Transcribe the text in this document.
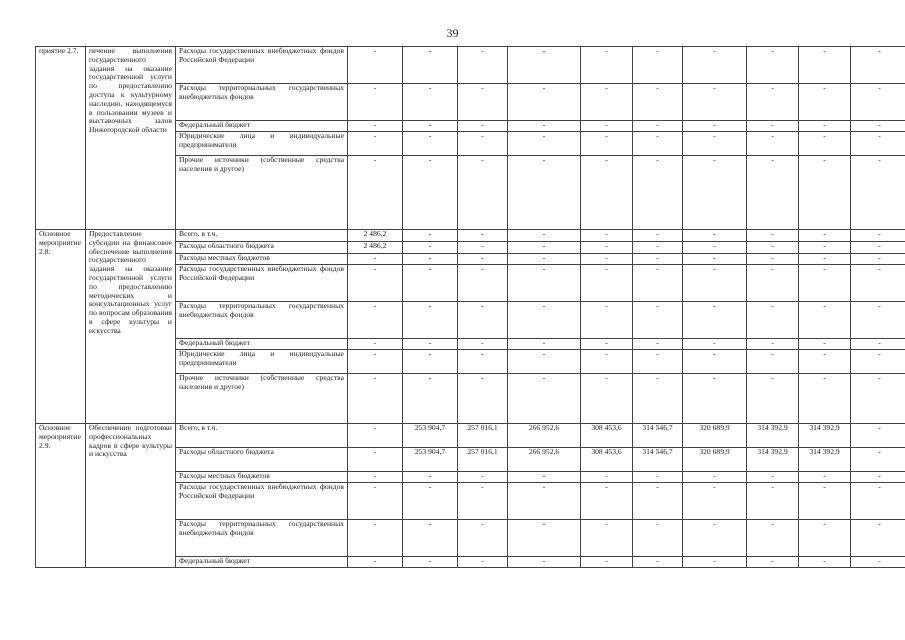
39
приятие 2.7.	печение выполнения государственного задания на оказание государственной услуги по предоставлению доступа к культурному наследию, находящемуся в пользовании музеев и выставочных залов Нижегородской области	Расходы государственных внебюджетных фондов Российской Федерации	-	-	-	-	-	-	-	-	-	-
		Расходы территориальных государственных внебюджетных фондов	-	-	-	-	-	-	-	-	-	-
		Федеральный бюджет	-	-	-	-	-	-	-	-	-	-
		Юридические лица и индивидуальные предприниматели	-	-	-	-	-	-	-	-	-	-
		Прочие источники (собственные средства населения и другое)	-	-	-	-	-	-	-	-	-	-
Основное мероприятие 2.8.	Предоставление субсидии на финансовое обеспечение выполнения государственного задания на оказание государственной услуги по предоставлению методических и консультационных услуг по вопросам образования в сфере культуры и искусства	Всего, в т.ч.	2 486,2	-	-	-	-	-	-	-	-	-
		Расходы областного бюджета	2 486,2	-	-	-	-	-	-	-	-	-
		Расходы местных бюджетов	-	-	-	-	-	-	-	-	-	-
		Расходы государственных внебюджетных фондов Российской Федерации	-	-	-	-	-	-	-	-	-	-
		Расходы территориальных государственных внебюджетных фондов	-	-	-	-	-	-	-	-	-	-
		Федеральный бюджет	-	-	-	-	-	-	-	-	-	-
		Юридические лица и индивидуальные предприниматели	-	-	-	-	-	-	-	-	-	-
		Прочие источники (собственные средства населения и другое)	-	-	-	-	-	-	-	-	-	-
Основное мероприятие 2.9.	Обеспечение подготовки профессиональных кадров в сфере культуры и искусства	Всего, в т.ч.	-	253 904,7	257 016,1	266 952,6	308 453,6	314 546,7	320 689,9	314 392,9	314 392,9	-
		Расходы областного бюджета	-	253 904,7	257 016,1	266 952,6	308 453,6	314 546,7	320 689,9	314 392,9	314 392,9	-
		Расходы местных бюджетов	-	-	-	-	-	-	-	-	-	-
		Расходы государственных внебюджетных фондов Российской Федерации	-	-	-	-	-	-	-	-	-	-
		Расходы территориальных государственных внебюджетных фондов	-	-	-	-	-	-	-	-	-	-
		Федеральный бюджет	-	-	-	-	-	-	-	-	-	-
